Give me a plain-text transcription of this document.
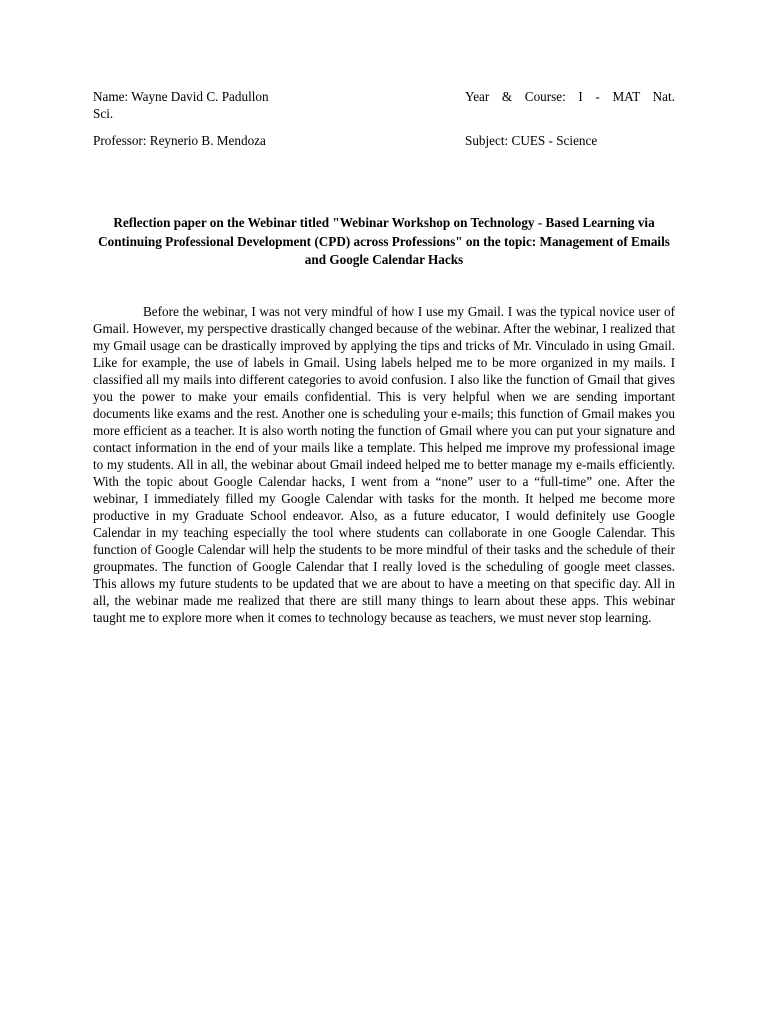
Name: Wayne David C. Padullon	Year & Course: I - MAT Nat.
Sci.
Professor: Reynerio B. Mendoza	Subject: CUES - Science
Reflection paper on the Webinar titled "Webinar Workshop on Technology - Based Learning via Continuing Professional Development (CPD) across Professions" on the topic: Management of Emails and Google Calendar Hacks

Before the webinar, I was not very mindful of how I use my Gmail. I was the typical novice user of Gmail. However, my perspective drastically changed because of the webinar. After the webinar, I realized that my Gmail usage can be drastically improved by applying the tips and tricks of Mr. Vinculado in using Gmail. Like for example, the use of labels in Gmail. Using labels helped me to be more organized in my mails. I classified all my mails into different categories to avoid confusion. I also like the function of Gmail that gives you the power to make your emails confidential. This is very helpful when we are sending important documents like exams and the rest. Another one is scheduling your e-mails; this function of Gmail makes you more efficient as a teacher. It is also worth noting the function of Gmail where you can put your signature and contact information in the end of your mails like a template. This helped me improve my professional image to my students. All in all, the webinar about Gmail indeed helped me to better manage my e-mails efficiently. With the topic about Google Calendar hacks, I went from a “none” user to a “full-time” one. After the webinar, I immediately filled my Google Calendar with tasks for the month. It helped me become more productive in my Graduate School endeavor. Also, as a future educator, I would definitely use Google Calendar in my teaching especially the tool where students can collaborate in one Google Calendar. This function of Google Calendar will help the students to be more mindful of their tasks and the schedule of their groupmates. The function of Google Calendar that I really loved is the scheduling of google meet classes. This allows my future students to be updated that we are about to have a meeting on that specific day. All in all, the webinar made me realized that there are still many things to learn about these apps. This webinar taught me to explore more when it comes to technology because as teachers, we must never stop learning.
